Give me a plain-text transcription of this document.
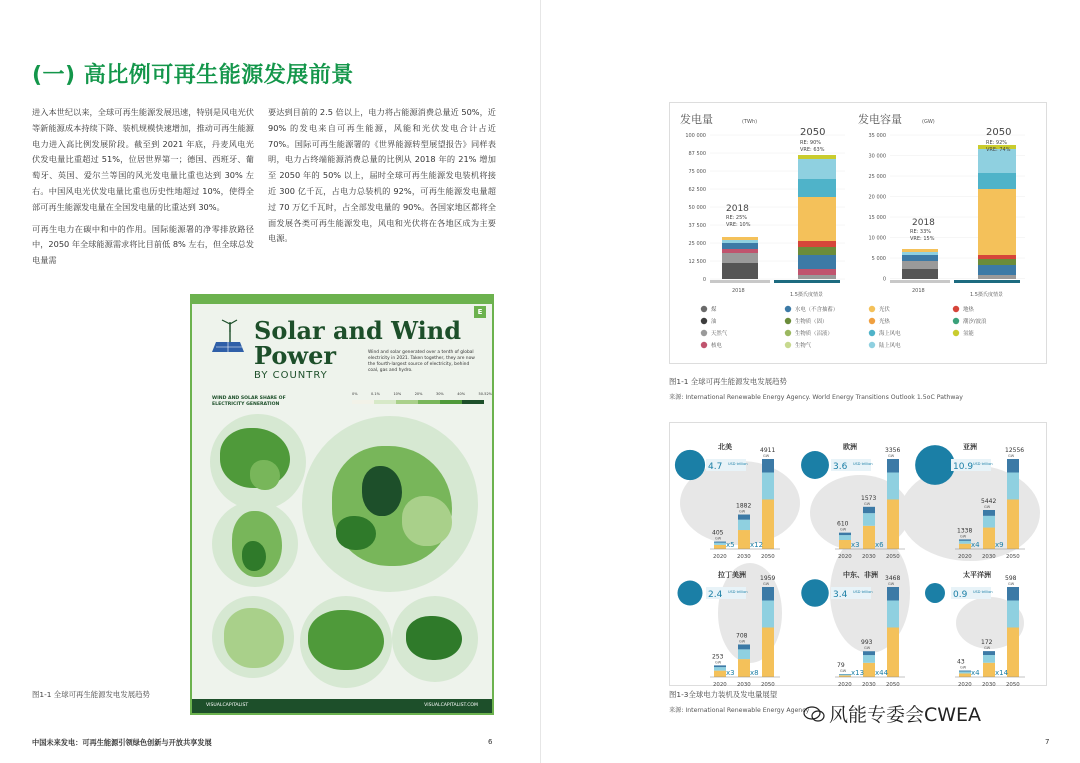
(一) 高比例可再生能源发展前景

进入本世纪以来，全球可再生能源发展迅速，特别是风电光伏等新能源成本持续下降、装机规模快速增加，推动可再生能源电力进入高比例发展阶段。截至到 2021 年底，丹麦风电光伏发电量比重超过 51%，位居世界第一；德国、西班牙、葡萄牙、英国、爱尔兰等国的风光发电量比重也达到 30% 左右。中国风电光伏发电量比重也历史性地超过 10%，使得全部可再生能源发电量在全国发电量的比重达到 30%。

可再生电力在碳中和中的作用。国际能源署的净零排放路径中，2050 年全球能源需求将比目前低 8% 左右，但全球总发电量需

要达到目前的 2.5 倍以上，电力将占能源消费总量近 50%，近 90% 的发电来自可再生能源，风能和光伏发电合计占近 70%。国际可再生能源署的《世界能源转型展望报告》同样表明，电力占终端能源消费总量的比例从 2018 年的 21% 增加至 2050 年的 50% 以上，届时全球可再生能源发电装机将接近 300 亿千瓦，占电力总装机的 92%，可再生能源发电量超过 70 万亿千瓦时，占全部发电量的 90%。各国家地区都将全面发展各类可再生能源发电，风电和光伏将在各地区成为主要电源。

Solar and Wind
Power
BY COUNTRY
E
Wind and solar generated over a tenth of global electricity in 2021. Taken together, they are now the fourth-largest source of electricity, behind coal, gas and hydro.
WIND AND SOLAR SHARE OF ELECTRICITY GENERATION
0%	0.1%	10%	20%	30%	40%	50-52%
VISUALCAPITALIST	VISUALCAPITALIST.COM
图1-1 全球可再生能源发电发展趋势
中国未来发电：可再生能源引领绿色创新与开放共享发展	6
发电量	(TWh)	发电容量	(GW)
100 000
87 500
75 000
62 500
50 000
37 500
25 000
12 500
0
35 000
30 000
25 000
20 000
15 000
10 000
5 000
0
2018
RE: 25%
VRE: 10%
2050
RE: 90%
VRE: 63%
2018
RE: 33%
VRE: 15%
2050
RE: 92%
VRE: 74%
2018
1.5摄氏度情景
2018
1.5摄氏度情景
煤
油
天然气
核电
水电（不含抽蓄）
生物质（固）
生物质（沼液）
生物气
光伏
光热
海上风电
陆上风电
地热
潮汐/波浪
氢能
图1-1 全球可再生能源发电发展趋势
来源: International Renewable Energy Agency. World Energy Transitions Outlook 1.5oC Pathway
北美
4.7 USD trillion
405
GW
2020
1882
GW
2030
4911
GW
2050
x5 x12
欧洲
3.6 USD trillion
610
GW
2020
1573
GW
2030
3356
GW
2050
x3 x6
亚洲
10.9 USD trillion
1338
GW
2020
5442
GW
2030
12556
GW
2050
x4 x9
拉丁美洲
2.4 USD trillion
253
GW
2020
708
GW
2030
1959
GW
2050
x3 x8
中东、非洲
3.4 USD trillion
79
GW
2020
993
GW
2030
3468
GW
2050
x13 x44
太平洋洲
0.9 USD trillion
43
GW
2020
172
GW
2030
598
GW
2050
x4 x14
图1-3全球电力装机及发电量展望
来源: International Renewable Energy Agency 风能专委会CWEA
7
